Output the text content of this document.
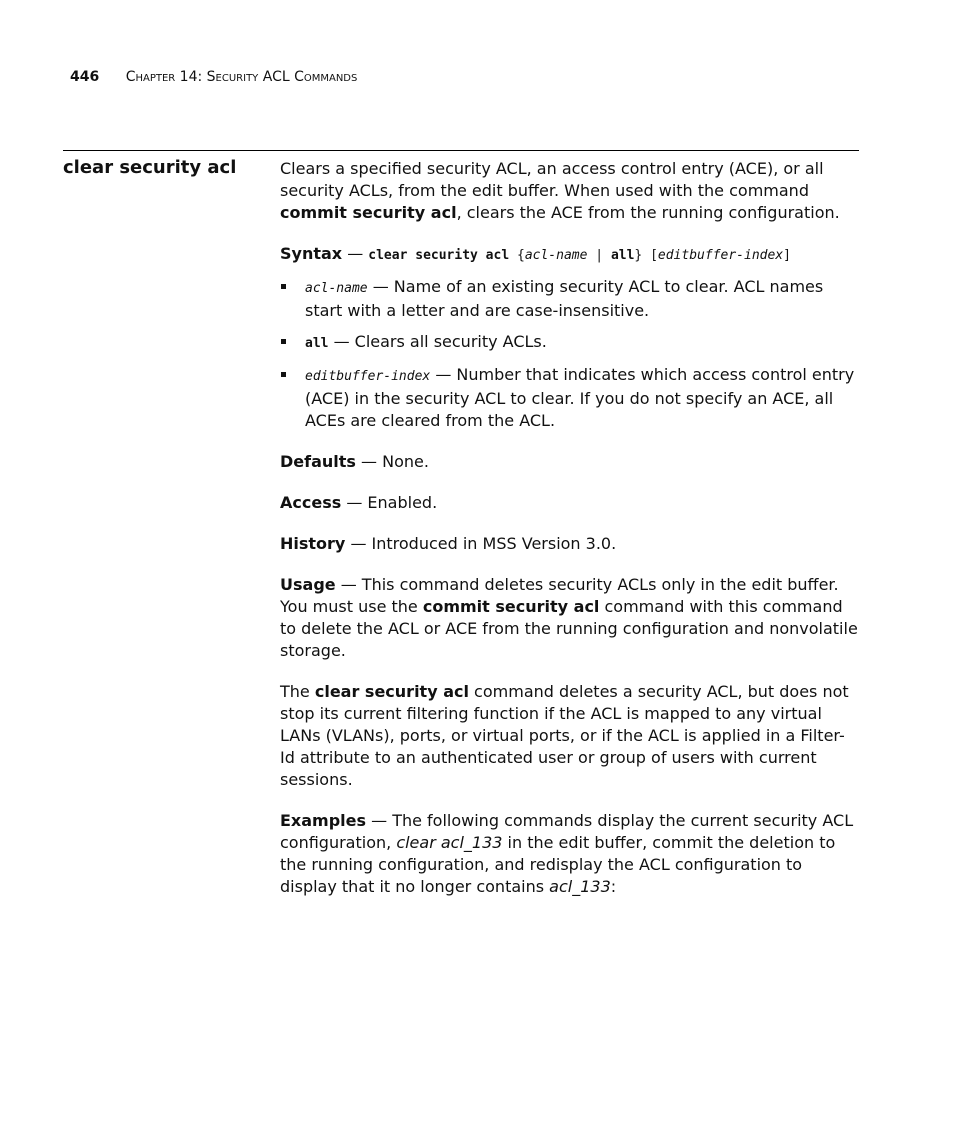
446 Chapter 14: Security ACL Commands
clear security acl	Clears a specified security ACL, an access control entry (ACE), or all security ACLs, from the edit buffer. When used with the command commit security acl, clears the ACE from the running configuration.

Syntax — clear security acl {acl-name | all} [editbuffer-index]

acl-name — Name of an existing security ACL to clear. ACL names start with a letter and are case-insensitive.
all — Clears all security ACLs.
editbuffer-index — Number that indicates which access control entry (ACE) in the security ACL to clear. If you do not specify an ACE, all ACEs are cleared from the ACL.

Defaults — None.

Access — Enabled.

History — Introduced in MSS Version 3.0.

Usage — This command deletes security ACLs only in the edit buffer. You must use the commit security acl command with this command to delete the ACL or ACE from the running configuration and nonvolatile storage.

The clear security acl command deletes a security ACL, but does not stop its current filtering function if the ACL is mapped to any virtual LANs (VLANs), ports, or virtual ports, or if the ACL is applied in a Filter-Id attribute to an authenticated user or group of users with current sessions.

Examples — The following commands display the current security ACL configuration, clear acl_133 in the edit buffer, commit the deletion to the running configuration, and redisplay the ACL configuration to display that it no longer contains acl_133:
